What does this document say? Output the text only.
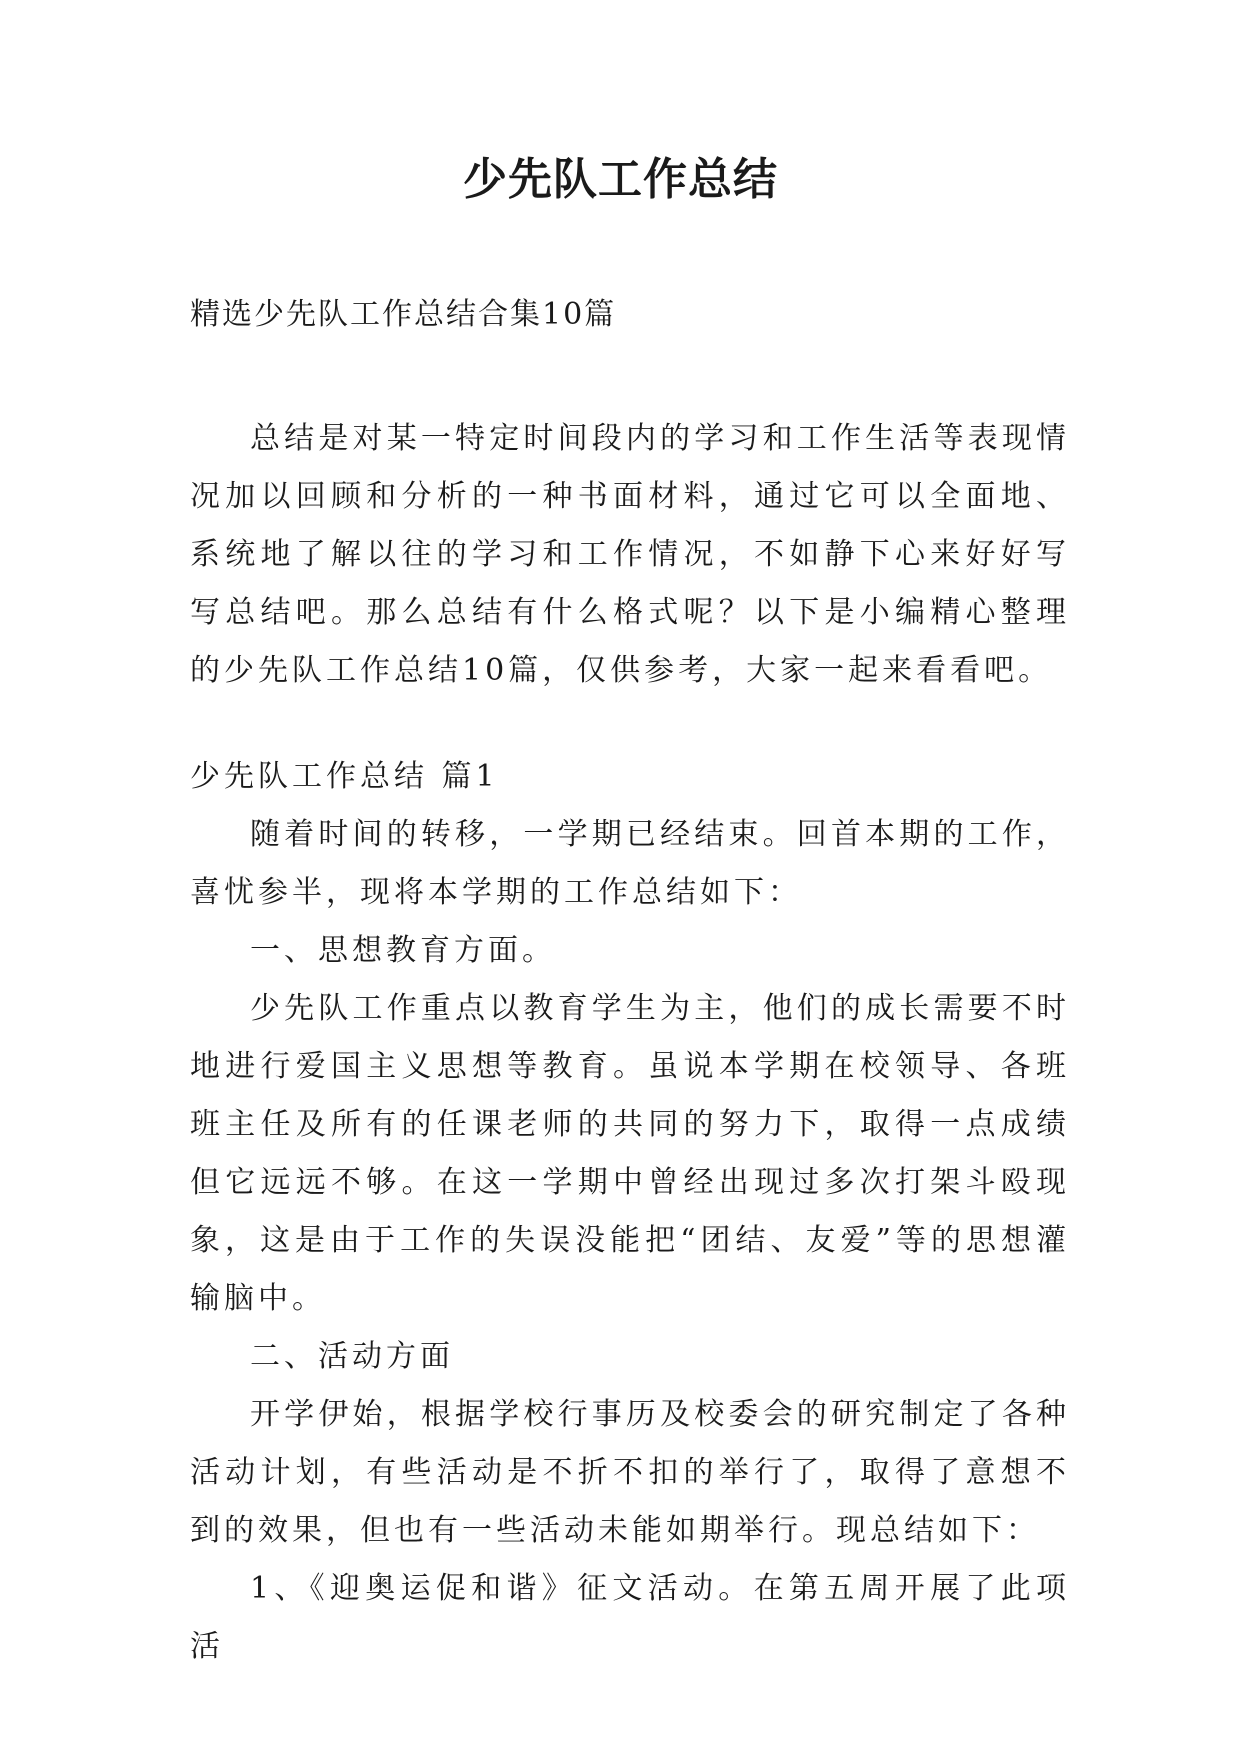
少先队工作总结
精选少先队工作总结合集10篇

总结是对某一特定时间段内的学习和工作生活等表现情况加以回顾和分析的一种书面材料，通过它可以全面地、系统地了解以往的学习和工作情况，不如静下心来好好写写总结吧。那么总结有什么格式呢？以下是小编精心整理的少先队工作总结10篇，仅供参考，大家一起来看看吧。

少先队工作总结 篇1

随着时间的转移，一学期已经结束。回首本期的工作，喜忧参半，现将本学期的工作总结如下：

一、思想教育方面。

少先队工作重点以教育学生为主，他们的成长需要不时地进行爱国主义思想等教育。虽说本学期在校领导、各班班主任及所有的任课老师的共同的努力下，取得一点成绩但它远远不够。在这一学期中曾经出现过多次打架斗殴现象，这是由于工作的失误没能把“团结、友爱”等的思想灌输脑中。

二、活动方面

开学伊始，根据学校行事历及校委会的研究制定了各种活动计划，有些活动是不折不扣的举行了，取得了意想不到的效果，但也有一些活动未能如期举行。现总结如下：

1、《迎奥运促和谐》征文活动。在第五周开展了此项活
